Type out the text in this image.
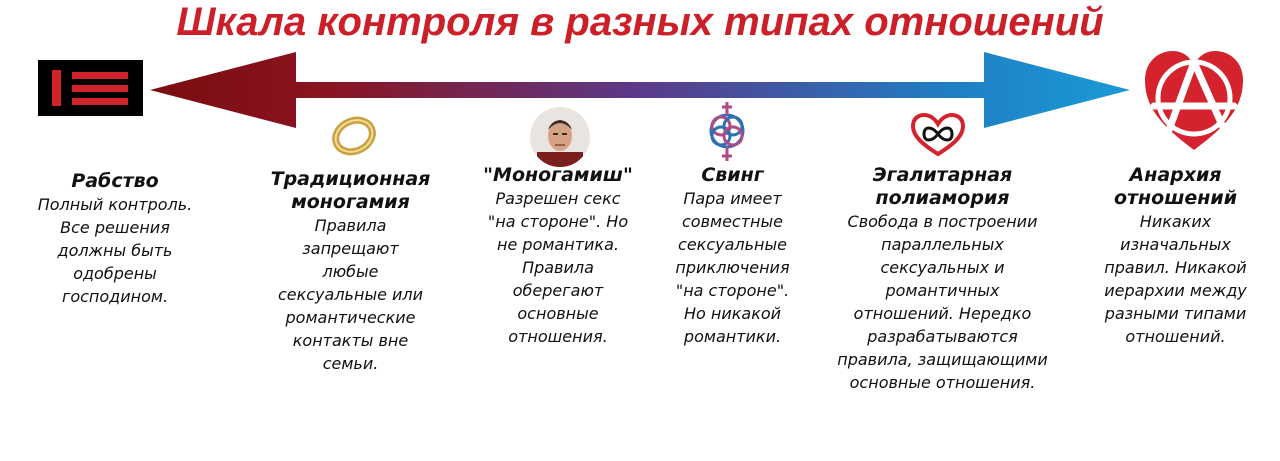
Шкала контроля в разных типах отношений
Рабство
Полный контроль.
Все решения
должны быть
одобрены
господином.
Традиционная
моногамия
Правила
запрещают
любые
сексуальные или
романтические
контакты вне
семьи.
"Моногамиш"
Разрешен секс
"на стороне". Но
не романтика.
Правила
оберегают
основные
отношения.
Свинг
Пара имеет
совместные
сексуальные
приключения
"на стороне".
Но никакой
романтики.
Эгалитарная
полиамория
Свобода в построении
параллельных
сексуальных и
романтичных
отношений. Нередко
разрабатываются
правила, защищающими
основные отношения.
Анархия
отношений
Никаких
изначальных
правил. Никакой
иерархии между
разными типами
отношений.
